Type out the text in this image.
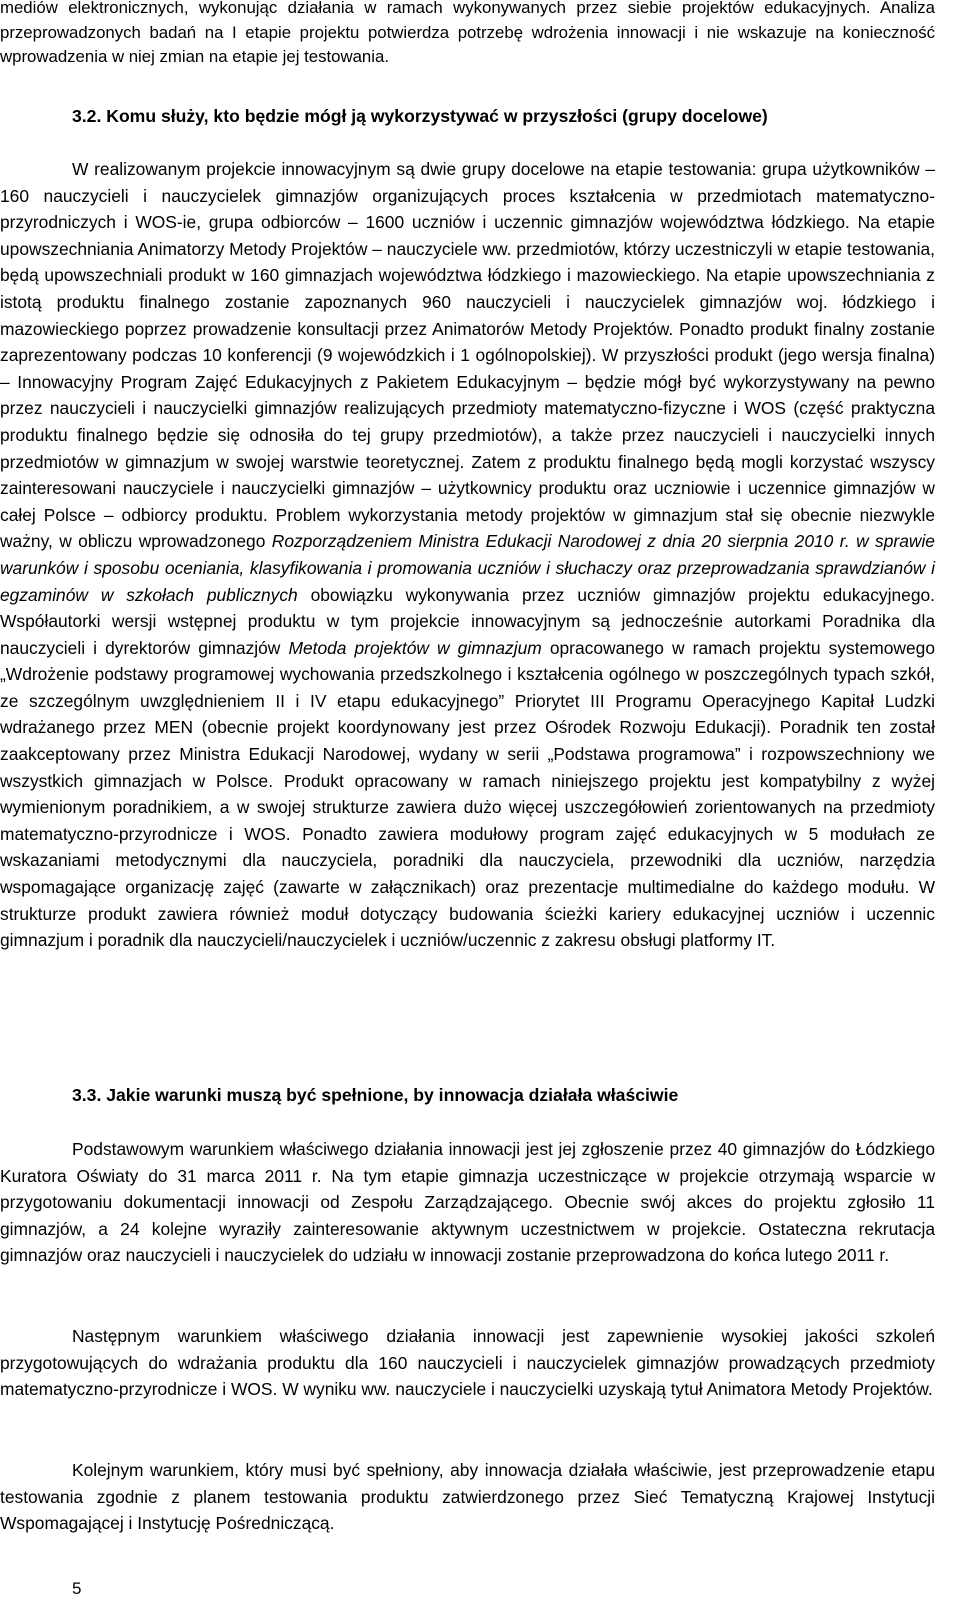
mediów elektronicznych, wykonując działania w ramach wykonywanych przez siebie projektów edukacyjnych. Analiza przeprowadzonych badań na I etapie projektu potwierdza potrzebę wdrożenia innowacji i nie wskazuje na konieczność wprowadzenia w niej zmian na etapie jej testowania.

3.2. Komu służy, kto będzie mógł ją wykorzystywać w przyszłości (grupy docelowe)

W realizowanym projekcie innowacyjnym są dwie grupy docelowe na etapie testowania: grupa użytkowników – 160 nauczycieli i nauczycielek gimnazjów organizujących proces kształcenia w przedmiotach matematyczno- przyrodniczych i WOS-ie, grupa odbiorców – 1600 uczniów i uczennic gimnazjów województwa łódzkiego. Na etapie upowszechniania Animatorzy Metody Projektów – nauczyciele ww. przedmiotów, którzy uczestniczyli w etapie testowania, będą upowszechniali produkt w 160 gimnazjach województwa łódzkiego i mazowieckiego. Na etapie upowszechniania z istotą produktu finalnego zostanie zapoznanych 960 nauczycieli i nauczycielek gimnazjów woj. łódzkiego i mazowieckiego poprzez prowadzenie konsultacji przez Animatorów Metody Projektów. Ponadto produkt finalny zostanie zaprezentowany podczas 10 konferencji (9 wojewódzkich i 1 ogólnopolskiej). W przyszłości produkt (jego wersja finalna) – Innowacyjny Program Zajęć Edukacyjnych z Pakietem Edukacyjnym – będzie mógł być wykorzystywany na pewno przez nauczycieli i nauczycielki gimnazjów realizujących przedmioty matematyczno-fizyczne i WOS (część praktyczna produktu finalnego będzie się odnosiła do tej grupy przedmiotów), a także przez nauczycieli i nauczycielki innych przedmiotów w gimnazjum w swojej warstwie teoretycznej. Zatem z produktu finalnego będą mogli korzystać wszyscy zainteresowani nauczyciele i nauczycielki gimnazjów – użytkownicy produktu oraz uczniowie i uczennice gimnazjów w całej Polsce – odbiorcy produktu. Problem wykorzystania metody projektów w gimnazjum stał się obecnie niezwykle ważny, w obliczu wprowadzonego Rozporządzeniem Ministra Edukacji Narodowej z dnia 20 sierpnia 2010 r. w sprawie warunków i sposobu oceniania, klasyfikowania i promowania uczniów i słuchaczy oraz przeprowadzania sprawdzianów i egzaminów w szkołach publicznych obowiązku wykonywania przez uczniów gimnazjów projektu edukacyjnego. Współautorki wersji wstępnej produktu w tym projekcie innowacyjnym są jednocześnie autorkami Poradnika dla nauczycieli i dyrektorów gimnazjów Metoda projektów w gimnazjum opracowanego w ramach projektu systemowego „Wdrożenie podstawy programowej wychowania przedszkolnego i kształcenia ogólnego w poszczególnych typach szkół, ze szczególnym uwzględnieniem II i IV etapu edukacyjnego” Priorytet III Programu Operacyjnego Kapitał Ludzki wdrażanego przez MEN (obecnie projekt koordynowany jest przez Ośrodek Rozwoju Edukacji). Poradnik ten został zaakceptowany przez Ministra Edukacji Narodowej, wydany w serii „Podstawa programowa” i rozpowszechniony we wszystkich gimnazjach w Polsce. Produkt opracowany w ramach niniejszego projektu jest kompatybilny z wyżej wymienionym poradnikiem, a w swojej strukturze zawiera dużo więcej uszczegółowień zorientowanych na przedmioty matematyczno-przyrodnicze i WOS. Ponadto zawiera modułowy program zajęć edukacyjnych w 5 modułach ze wskazaniami metodycznymi dla nauczyciela, poradniki dla nauczyciela, przewodniki dla uczniów, narzędzia wspomagające organizację zajęć (zawarte w załącznikach) oraz prezentacje multimedialne do każdego modułu. W strukturze produkt zawiera również moduł dotyczący budowania ścieżki kariery edukacyjnej uczniów i uczennic gimnazjum i poradnik dla nauczycieli/nauczycielek i uczniów/uczennic z zakresu obsługi platformy IT.

3.3. Jakie warunki muszą być spełnione, by innowacja działała właściwie

Podstawowym warunkiem właściwego działania innowacji jest jej zgłoszenie przez 40 gimnazjów do Łódzkiego Kuratora Oświaty do 31 marca 2011 r. Na tym etapie gimnazja uczestniczące w projekcie otrzymają wsparcie w przygotowaniu dokumentacji innowacji od Zespołu Zarządzającego. Obecnie swój akces do projektu zgłosiło 11 gimnazjów, a 24 kolejne wyraziły zainteresowanie aktywnym uczestnictwem w projekcie. Ostateczna rekrutacja gimnazjów oraz nauczycieli i nauczycielek do udziału w innowacji zostanie przeprowadzona do końca lutego 2011 r.

Następnym warunkiem właściwego działania innowacji jest zapewnienie wysokiej jakości szkoleń przygotowujących do wdrażania produktu dla 160 nauczycieli i nauczycielek gimnazjów prowadzących przedmioty matematyczno-przyrodnicze i WOS. W wyniku ww. nauczyciele i nauczycielki uzyskają tytuł Animatora Metody Projektów.

Kolejnym warunkiem, który musi być spełniony, aby innowacja działała właściwie, jest przeprowadzenie etapu testowania zgodnie z planem testowania produktu zatwierdzonego przez Sieć Tematyczną Krajowej Instytucji Wspomagającej i Instytucję Pośredniczącą.

5
